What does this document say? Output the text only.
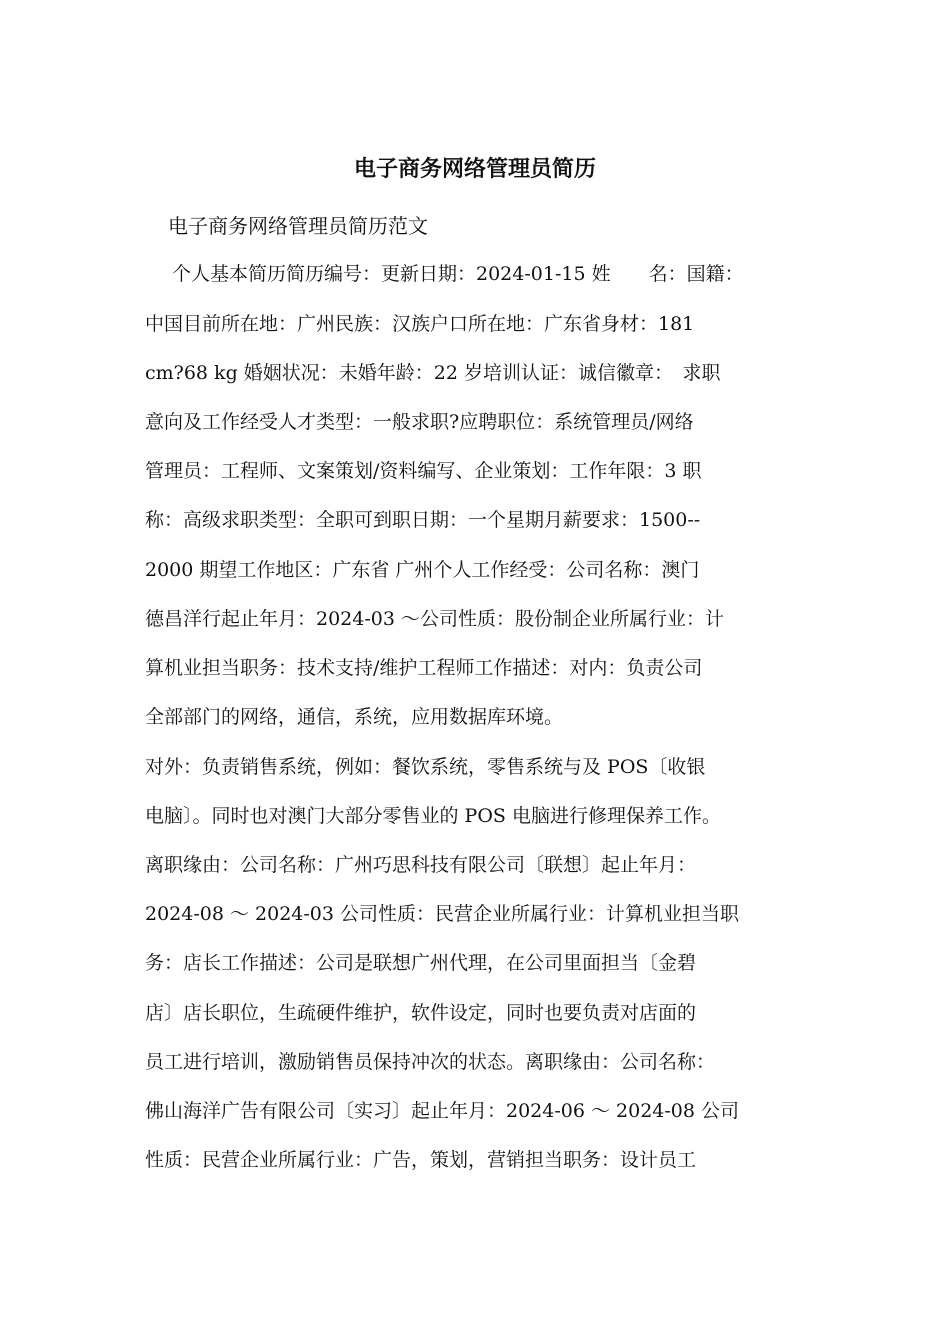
电子商务网络管理员简历
电子商务网络管理员简历范文
个人基本简历简历编号：更新日期：2024-01-15 姓　　名：国籍：
中国目前所在地：广州民族：汉族户口所在地：广东省身材：181
cm?68 kg 婚姻状况：未婚年龄：22 岁培训认证：诚信徽章：　求职
意向及工作经受人才类型：一般求职?应聘职位：系统管理员/网络
管理员：工程师、文案策划/资料编写、企业策划：工作年限：3 职
称：高级求职类型：全职可到职日期：一个星期月薪要求：1500--
2000 期望工作地区：广东省 广州个人工作经受：公司名称：澳门
德昌洋行起止年月：2024-03 ～公司性质：股份制企业所属行业：计
算机业担当职务：技术支持/维护工程师工作描述：对内：负责公司
全部部门的网络，通信，系统，应用数据库环境。
对外：负责销售系统，例如：餐饮系统，零售系统与及 POS〔收银
电脑〕。同时也对澳门大部分零售业的 POS 电脑进行修理保养工作。
离职缘由：公司名称：广州巧思科技有限公司〔联想〕起止年月：
2024-08 ～ 2024-03 公司性质：民营企业所属行业：计算机业担当职
务：店长工作描述：公司是联想广州代理，在公司里面担当〔金碧
店〕店长职位，生疏硬件维护，软件设定，同时也要负责对店面的
员工进行培训，激励销售员保持冲次的状态。离职缘由：公司名称：
佛山海洋广告有限公司〔实习〕起止年月：2024-06 ～ 2024-08 公司
性质：民营企业所属行业：广告，策划，营销担当职务：设计员工
